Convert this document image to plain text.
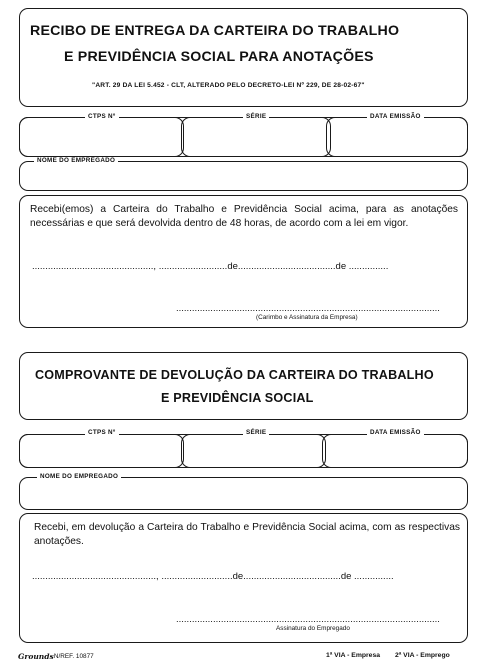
RECIBO DE ENTREGA DA CARTEIRA DO TRABALHO
E PREVIDÊNCIA SOCIAL PARA ANOTAÇÕES
"ART. 29 DA LEI 5.452 - CLT, ALTERADO PELO DECRETO-LEI Nº 229, DE 28-02-67"
CTPS Nº	SÉRIE	DATA EMISSÃO
NOME DO EMPREGADO
Recebi(emos) a Carteira do Trabalho e Previdência Social acima, para as anotações necessárias e que será devolvida dentro de 48 horas, de acordo com a lei em vigor.
.............................................., ..........................de.....................................de ...............
....................................................................................................
(Carimbo e Assinatura da Empresa)
COMPROVANTE DE DEVOLUÇÃO DA CARTEIRA DO TRABALHO
E PREVIDÊNCIA SOCIAL
CTPS Nº	SÉRIE	DATA EMISSÃO
NOME DO EMPREGADO
Recebi, em devolução a Carteira do Trabalho e Previdência Social acima, com as respectivas anotações.
..............................................., ...........................de.....................................de ...............
....................................................................................................
Assinatura do Empregado
Grounds
- N/REF. 10877	1ª VIA - Empresa 2ª VIA - Emprego
